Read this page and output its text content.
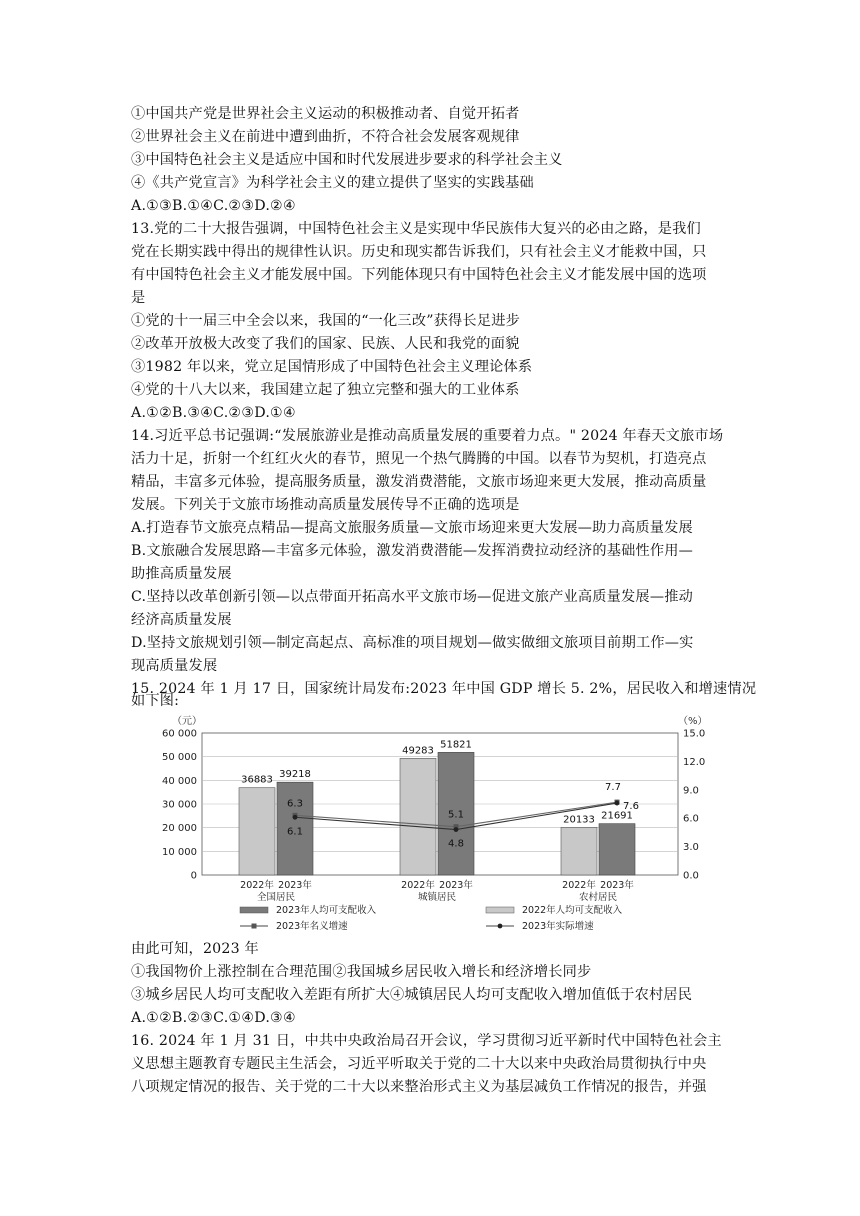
①中国共产党是世界社会主义运动的积极推动者、自觉开拓者
②世界社会主义在前进中遭到曲折，不符合社会发展客观规律
③中国特色社会主义是适应中国和时代发展进步要求的科学社会主义
④《共产党宣言》为科学社会主义的建立提供了坚实的实践基础
A.①③B.①④C.②③D.②④
13.党的二十大报告强调，中国特色社会主义是实现中华民族伟大复兴的必由之路，是我们
党在长期实践中得出的规律性认识。历史和现实都告诉我们，只有社会主义才能救中国，只
有中国特色社会主义才能发展中国。下列能体现只有中国特色社会主义才能发展中国的选项
是
①党的十一届三中全会以来，我国的“一化三改”获得长足进步
②改革开放极大改变了我们的国家、民族、人民和我党的面貌
③1982 年以来，党立足国情形成了中国特色社会主义理论体系
④党的十八大以来，我国建立起了独立完整和强大的工业体系
A.①②B.③④C.②③D.①④
14.习近平总书记强调:“发展旅游业是推动高质量发展的重要着力点。" 2024 年春天文旅市场
活力十足，折射一个红红火火的春节，照见一个热气腾腾的中国。以春节为契机，打造亮点
精品，丰富多元体验，提高服务质量，激发消费潜能，文旅市场迎来更大发展，推动高质量
发展。下列关于文旅市场推动高质量发展传导不正确的选项是
A.打造春节文旅亮点精品—提高文旅服务质量—文旅市场迎来更大发展—助力高质量发展
B.文旅融合发展思路—丰富多元体验，激发消费潜能—发挥消费拉动经济的基础性作用—
助推高质量发展
C.坚持以改革创新引领—以点带面开拓高水平文旅市场—促进文旅产业高质量发展—推动
经济高质量发展
D.坚持文旅规划引领—制定高起点、高标准的项目规划—做实做细文旅项目前期工作—实
现高质量发展
15. 2024 年 1 月 17 日，国家统计局发布:2023 年中国 GDP 增长 5. 2%，居民收入和增速情况
如下图:
（元）	（%）
60 000
50 000
40 000
30 000
20 000
10 000
0
15.0
12.0
9.0
6.0
3.0
0.0
36883
39218
2022年 2023年
全国居民
49283
51821
2022年 2023年
城镇居民
20133 21691
2022年 2023年
农村居民
6.3
6.1
5.1
4.8
7.7
7.6
2023年人均可支配收入	2022年人均可支配收入
2023年名义增速	2023年实际增速
由此可知，2023 年
①我国物价上涨控制在合理范围②我国城乡居民收入增长和经济增长同步
③城乡居民人均可支配收入差距有所扩大④城镇居民人均可支配收入增加值低于农村居民
A.①②B.②③C.①④D.③④
16. 2024 年 1 月 31 日，中共中央政治局召开会议，学习贯彻习近平新时代中国特色社会主
义思想主题教育专题民主生活会，习近平听取关于党的二十大以来中央政治局贯彻执行中央
八项规定情况的报告、关于党的二十大以来整治形式主义为基层减负工作情况的报告，并强
